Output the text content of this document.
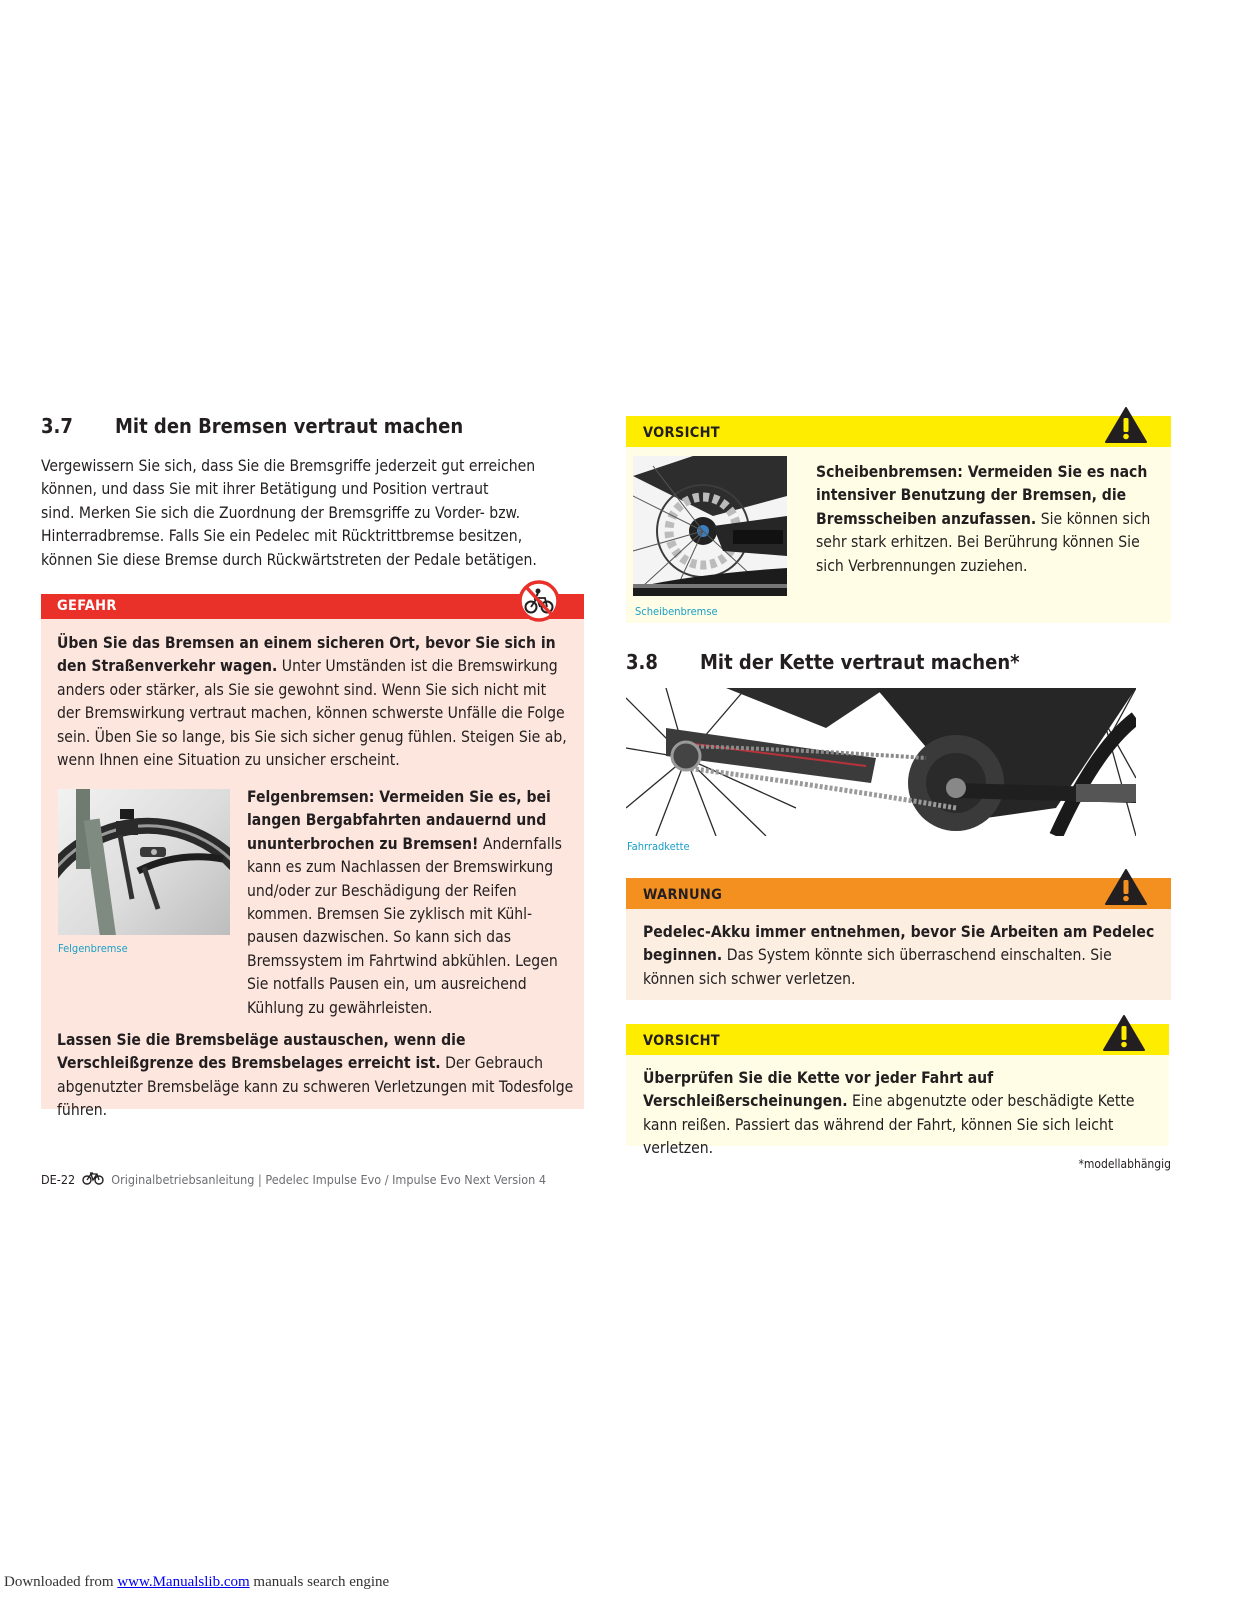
3.7 Mit den Bremsen vertraut machen
Vergewissern Sie sich, dass Sie die Bremsgriffe jederzeit gut erreichen
können, und dass Sie mit ihrer Betätigung und Position vertraut
sind. Merken Sie sich die Zuordnung der Bremsgriffe zu Vorder- bzw.
Hinterradbremse. Falls Sie ein Pedelec mit Rücktrittbremse besitzen,
können Sie diese Bremse durch Rückwärtstreten der Pedale betätigen.
GEFAHR
Üben Sie das Bremsen an einem sicheren Ort, bevor Sie sich in den Straßenverkehr wagen. Unter Umständen ist die Bremswirkung anders oder stärker, als Sie sie gewohnt sind. Wenn Sie sich nicht mit der Bremswirkung vertraut machen, können schwerste Unfälle die Folge sein. Üben Sie so lange, bis Sie sich sicher genug fühlen. Steigen Sie ab, wenn Ihnen eine Situation zu unsicher erscheint.
Felgenbremse
Felgenbremsen: Vermeiden Sie es, bei langen Bergabfahrten andauernd und ununterbrochen zu Bremsen! Andernfalls kann es zum Nachlassen der Bremswirkung und/oder zur Beschädigung der Reifen kommen. Bremsen Sie zyklisch mit Kühl-pausen dazwischen. So kann sich das Bremssystem im Fahrtwind abkühlen. Legen Sie notfalls Pausen ein, um ausreichend Kühlung zu gewährleisten.
Lassen Sie die Bremsbeläge austauschen, wenn die Verschleißgrenze des Bremsbelages erreicht ist. Der Gebrauch abgenutzter Bremsbeläge kann zu schweren Verletzungen mit Todesfolge führen.
VORSICHT
Scheibenbremse
Scheibenbremsen: Vermeiden Sie es nach intensiver Benutzung der Bremsen, die Bremsscheiben anzufassen. Sie können sich sehr stark erhitzen. Bei Berührung können Sie sich Verbrennungen zuziehen.
3.8 Mit der Kette vertraut machen*
Fahrradkette
WARNUNG
Pedelec-Akku immer entnehmen, bevor Sie Arbeiten am Pedelec beginnen. Das System könnte sich überraschend einschalten. Sie können sich schwer verletzen.
VORSICHT
Überprüfen Sie die Kette vor jeder Fahrt auf Verschleißerscheinungen. Eine abgenutzte oder beschädigte Kette kann reißen. Passiert das während der Fahrt, können Sie sich leicht verletzen.
*modellabhängig
DE-22	Originalbetriebsanleitung | Pedelec Impulse Evo / Impulse Evo Next Version 4
Downloaded from www.Manualslib.com manuals search engine
